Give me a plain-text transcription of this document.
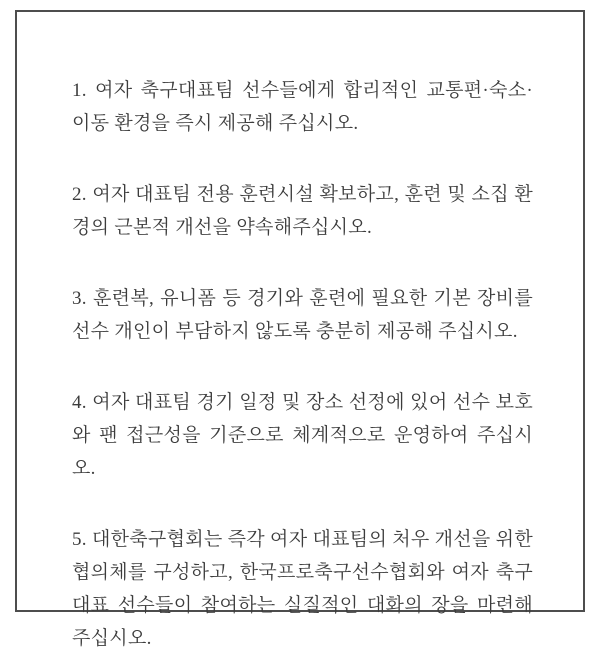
1. 여자 축구대표팀 선수들에게 합리적인 교통편·숙소·이동 환경을 즉시 제공해 주십시오.

2. 여자 대표팀 전용 훈련시설 확보하고, 훈련 및 소집 환경의 근본적 개선을 약속해주십시오.

3. 훈련복, 유니폼 등 경기와 훈련에 필요한 기본 장비를 선수 개인이 부담하지 않도록 충분히 제공해 주십시오.

4. 여자 대표팀 경기 일정 및 장소 선정에 있어 선수 보호와 팬 접근성을 기준으로 체계적으로 운영하여 주십시오.

5. 대한축구협회는 즉각 여자 대표팀의 처우 개선을 위한 협의체를 구성하고, 한국프로축구선수협회와 여자 축구대표 선수들이 참여하는 실질적인 대화의 장을 마련해 주십시오.
